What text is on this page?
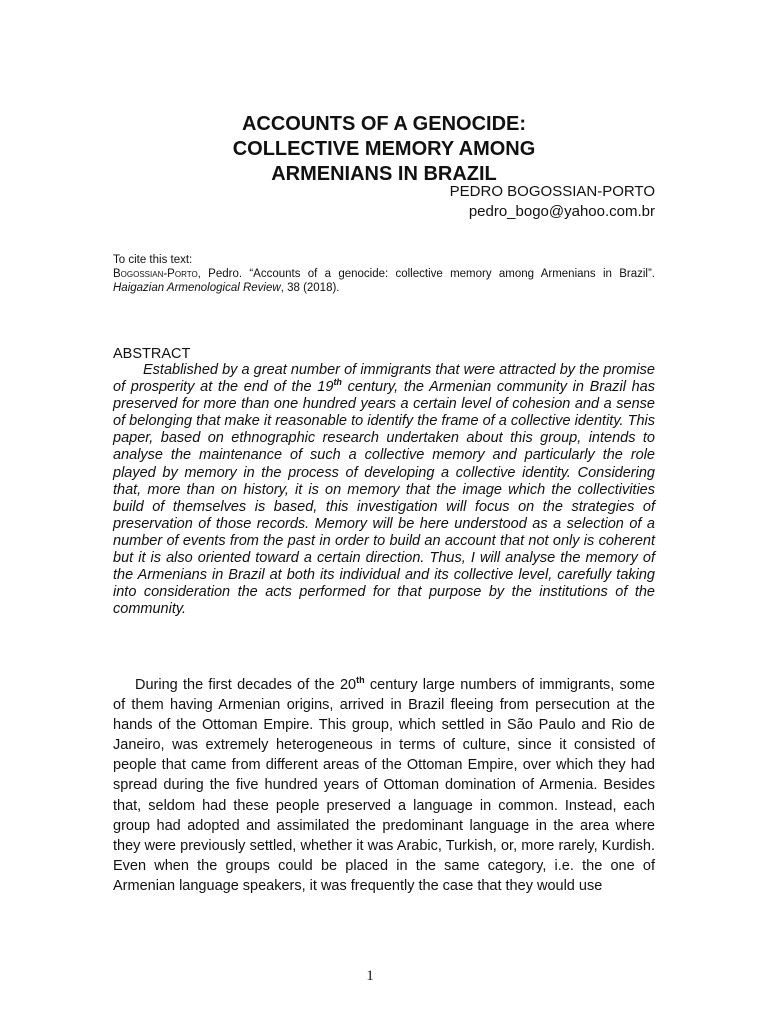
ACCOUNTS OF A GENOCIDE:
COLLECTIVE MEMORY AMONG
ARMENIANS IN BRAZIL
PEDRO BOGOSSIAN-PORTO
pedro_bogo@yahoo.com.br
To cite this text:
Bogossian-Porto, Pedro. “Accounts of a genocide: collective memory among Armenians in Brazil”. Haigazian Armenological Review, 38 (2018).
ABSTRACT
Established by a great number of immigrants that were attracted by the promise of prosperity at the end of the 19th century, the Armenian community in Brazil has preserved for more than one hundred years a certain level of cohesion and a sense of belonging that make it reasonable to identify the frame of a collective identity. This paper, based on ethnographic research undertaken about this group, intends to analyse the maintenance of such a collective memory and particularly the role played by memory in the process of developing a collective identity. Considering that, more than on history, it is on memory that the image which the collectivities build of themselves is based, this investigation will focus on the strategies of preservation of those records. Memory will be here understood as a selection of a number of events from the past in order to build an account that not only is coherent but it is also oriented toward a certain direction. Thus, I will analyse the memory of the Armenians in Brazil at both its individual and its collective level, carefully taking into consideration the acts performed for that purpose by the institutions of the community.
During the first decades of the 20th century large numbers of immigrants, some of them having Armenian origins, arrived in Brazil fleeing from persecution at the hands of the Ottoman Empire. This group, which settled in São Paulo and Rio de Janeiro, was extremely heterogeneous in terms of culture, since it consisted of people that came from different areas of the Ottoman Empire, over which they had spread during the five hundred years of Ottoman domination of Armenia. Besides that, seldom had these people preserved a language in common. Instead, each group had adopted and assimilated the predominant language in the area where they were previously settled, whether it was Arabic, Turkish, or, more rarely, Kurdish. Even when the groups could be placed in the same category, i.e. the one of Armenian language speakers, it was frequently the case that they would use
1
